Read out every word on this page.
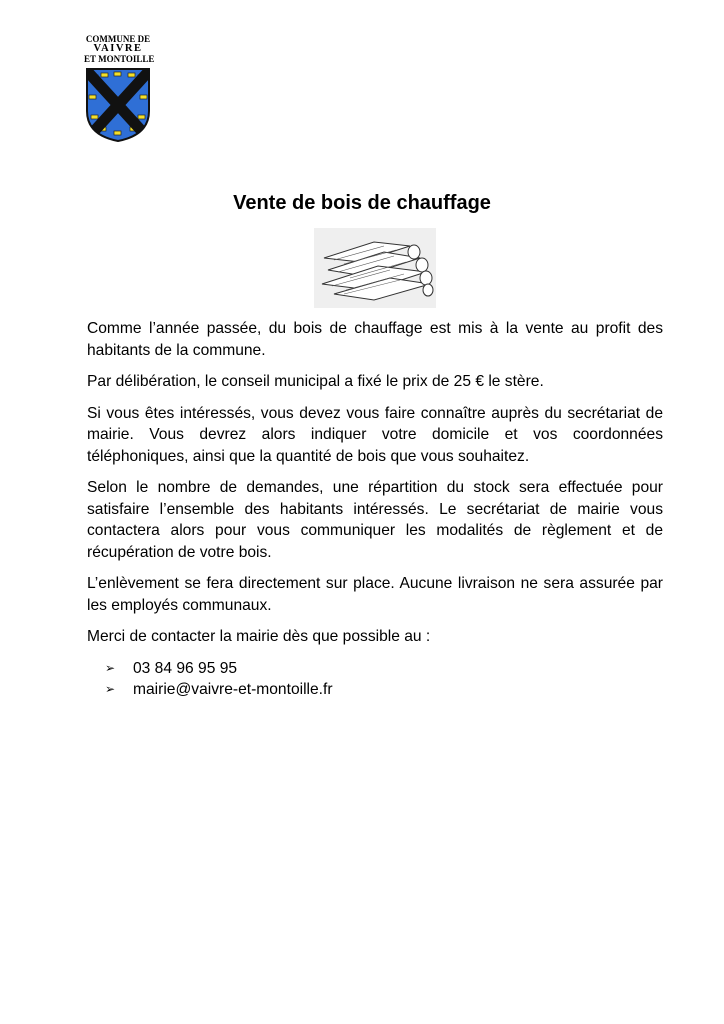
COMMUNE DE
VAIVRE
ET MONTOILLE
Vente de bois de chauffage

Comme l’année passée, du bois de chauffage est mis à la vente au profit des habitants de la commune.

Par délibération, le conseil municipal a fixé le prix de 25 € le stère.

Si vous êtes intéressés, vous devez vous faire connaître auprès du secrétariat de mairie. Vous devrez alors indiquer votre domicile et vos coordonnées téléphoniques, ainsi que la quantité de bois que vous souhaitez.

Selon le nombre de demandes, une répartition du stock sera effectuée pour satisfaire l’ensemble des habitants intéressés. Le secrétariat de mairie vous contactera alors pour vous communiquer les modalités de règlement et de récupération de votre bois.

L’enlèvement se fera directement sur place. Aucune livraison ne sera assurée par les employés communaux.

Merci de contacter la mairie dès que possible au :

➢ 03 84 96 95 95
➢ mairie@vaivre-et-montoille.fr
